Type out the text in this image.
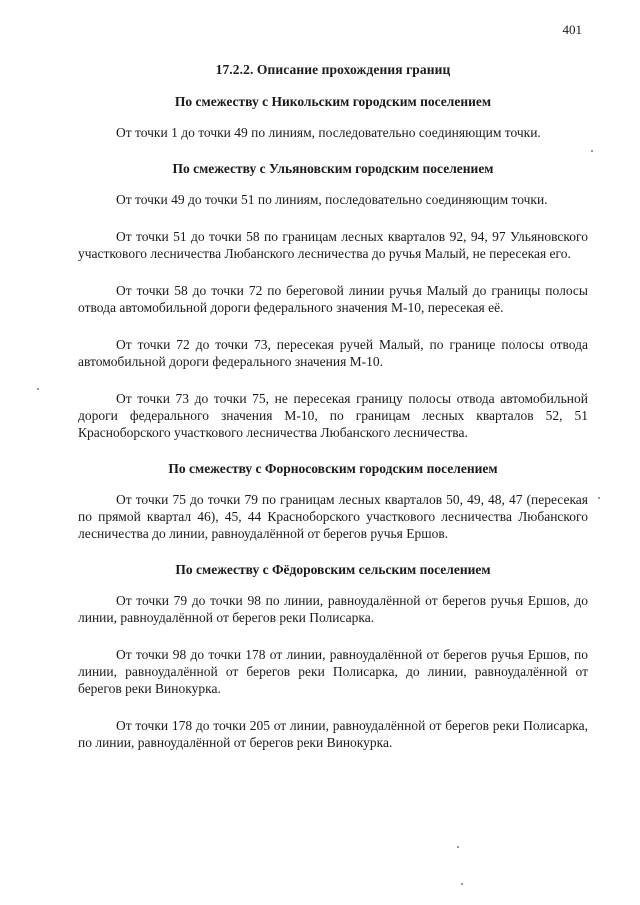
401
17.2.2. Описание прохождения границ
По смежеству с Никольским городским поселением

От точки 1 до точки 49 по линиям, последовательно соединяющим точки.

По смежеству с Ульяновским городским поселением

От точки 49 до точки 51 по линиям, последовательно соединяющим точки.

От точки 51 до точки 58 по границам лесных кварталов 92, 94, 97 Ульяновского участкового лесничества Любанского лесничества до ручья Малый, не пересекая его.

От точки 58 до точки 72 по береговой линии ручья Малый до границы полосы отвода автомобильной дороги федерального значения М-10, пересекая её.

От точки 72 до точки 73, пересекая ручей Малый, по границе полосы отвода автомобильной дороги федерального значения М-10.

От точки 73 до точки 75, не пересекая границу полосы отвода автомобильной дороги федерального значения М-10, по границам лесных кварталов 52, 51 Красноборского участкового лесничества Любанского лесничества.

По смежеству с Форносовским городским поселением

От точки 75 до точки 79 по границам лесных кварталов 50, 49, 48, 47 (пересекая по прямой квартал 46), 45, 44 Красноборского участкового лесничества Любанского лесничества до линии, равноудалённой от берегов ручья Ершов.

По смежеству с Фёдоровским сельским поселением

От точки 79 до точки 98 по линии, равноудалённой от берегов ручья Ершов, до линии, равноудалённой от берегов реки Полисарка.

От точки 98 до точки 178 от линии, равноудалённой от берегов ручья Ершов, по линии, равноудалённой от берегов реки Полисарка, до линии, равноудалённой от берегов реки Винокурка.

От точки 178 до точки 205 от линии, равноудалённой от берегов реки Полисарка, по линии, равноудалённой от берегов реки Винокурка.
